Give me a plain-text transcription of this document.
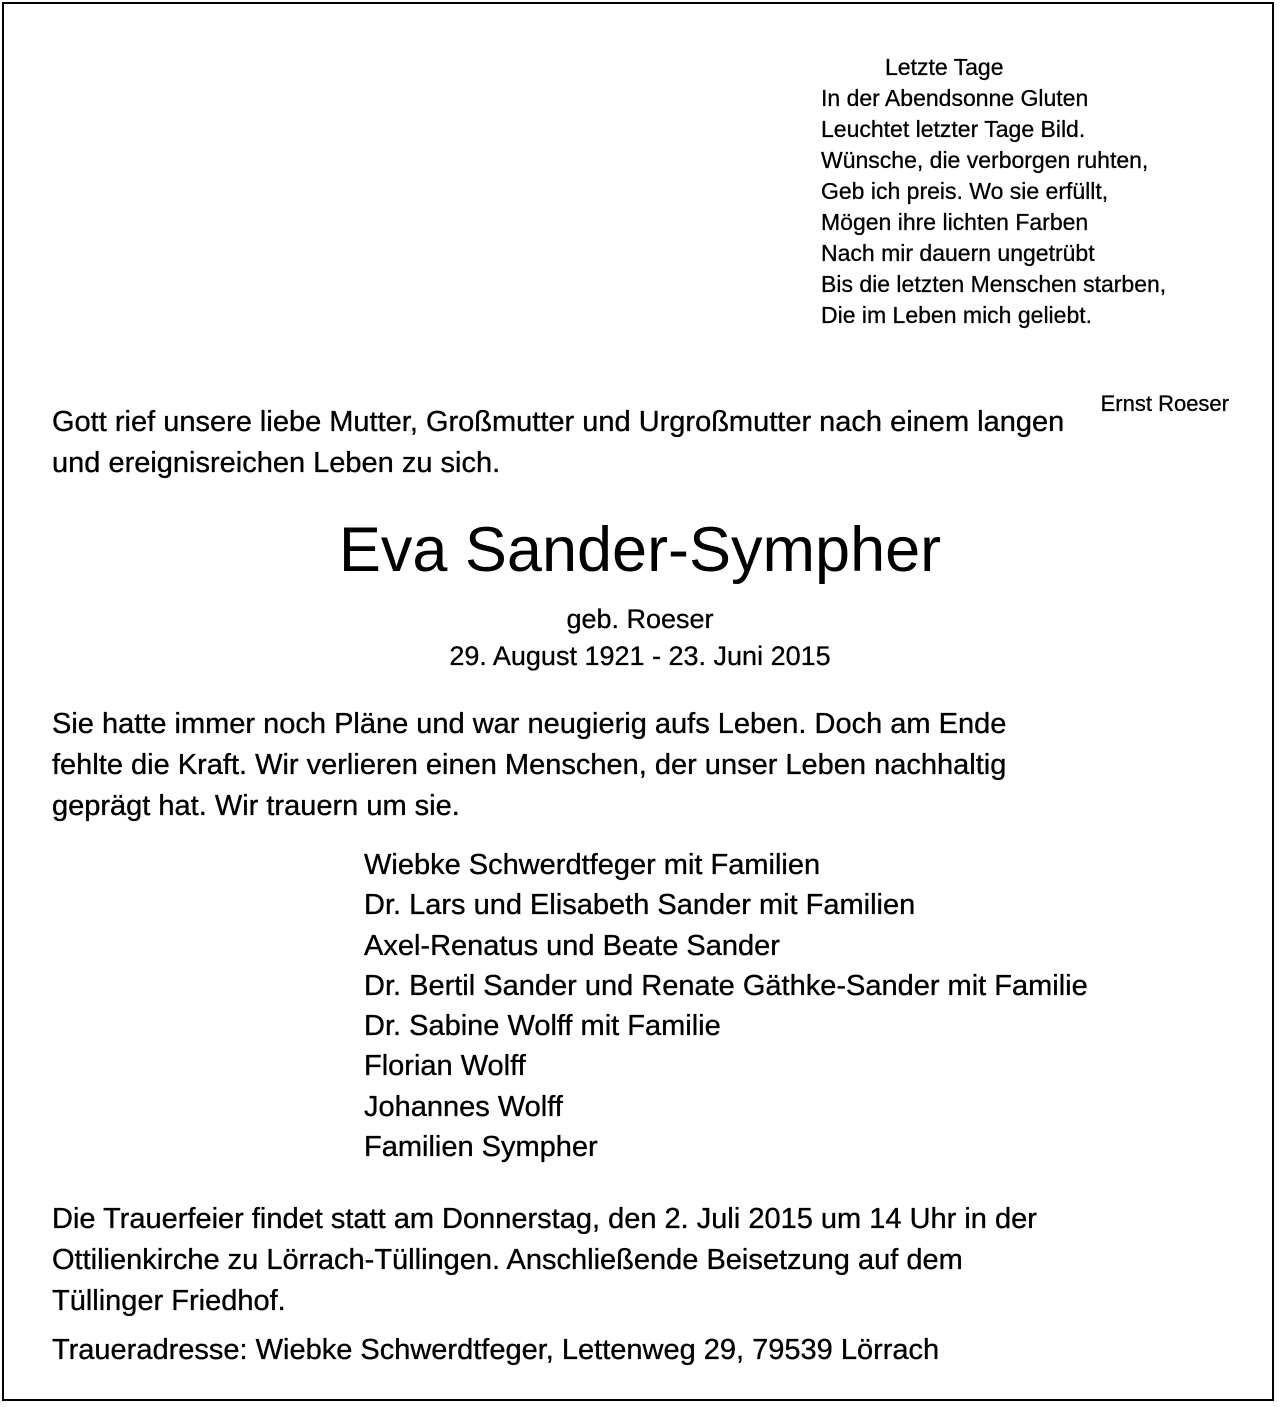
Letzte Tage
In der Abendsonne Gluten
Leuchtet letzter Tage Bild.
Wünsche, die verborgen ruhten,
Geb ich preis. Wo sie erfüllt,
Mögen ihre lichten Farben
Nach mir dauern ungetrübt
Bis die letzten Menschen starben,
Die im Leben mich geliebt.
Ernst Roeser
Gott rief unsere liebe Mutter, Großmutter und Urgroßmutter nach einem langen
und ereignisreichen Leben zu sich.
Eva Sander-Sympher
geb. Roeser
29. August 1921 - 23. Juni 2015
Sie hatte immer noch Pläne und war neugierig aufs Leben. Doch am Ende
fehlte die Kraft. Wir verlieren einen Menschen, der unser Leben nachhaltig
geprägt hat. Wir trauern um sie.
Wiebke Schwerdtfeger mit Familien
Dr. Lars und Elisabeth Sander mit Familien
Axel-Renatus und Beate Sander
Dr. Bertil Sander und Renate Gäthke-Sander mit Familie
Dr. Sabine Wolff mit Familie
Florian Wolff
Johannes Wolff
Familien Sympher
Die Trauerfeier findet statt am Donnerstag, den 2. Juli 2015 um 14 Uhr in der
Ottilienkirche zu Lörrach-Tüllingen. Anschließende Beisetzung auf dem
Tüllinger Friedhof.
Traueradresse: Wiebke Schwerdtfeger, Lettenweg 29, 79539 Lörrach
